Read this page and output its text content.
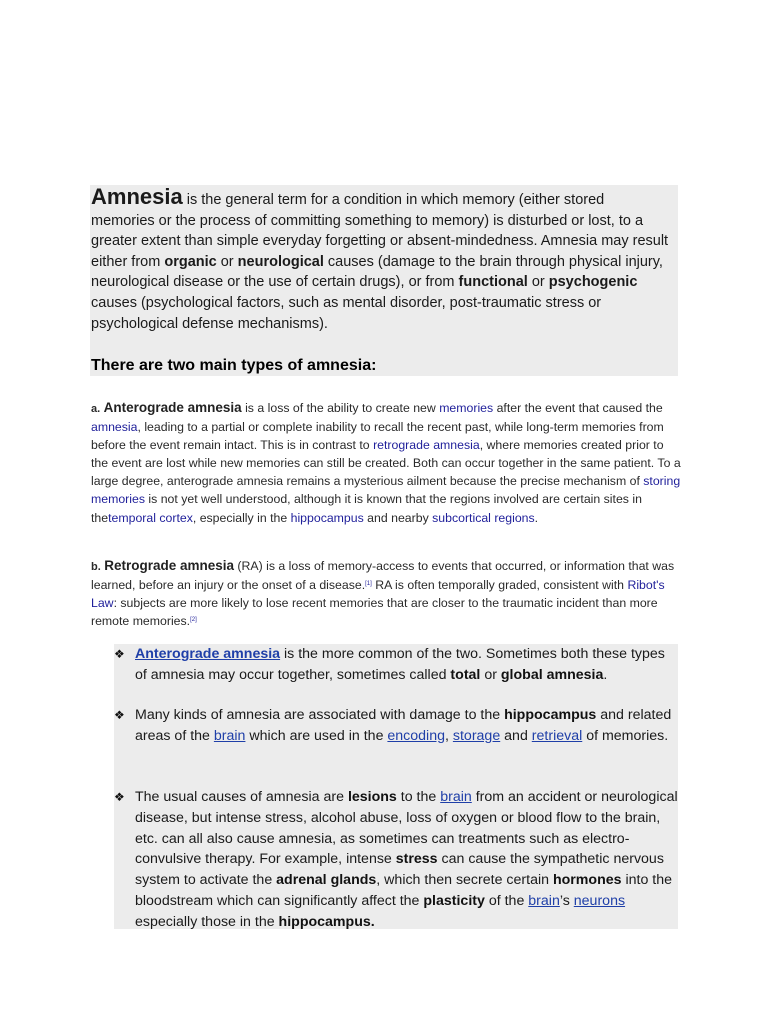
Amnesia is the general term for a condition in which memory (either stored memories or the process of committing something to memory) is disturbed or lost, to a greater extent than simple everyday forgetting or absent-mindedness. Amnesia may result either from organic or neurological causes (damage to the brain through physical injury, neurological disease or the use of certain drugs), or from functional or psychogenic causes (psychological factors, such as mental disorder, post-traumatic stress or psychological defense mechanisms).
There are two main types of amnesia:
a. Anterograde amnesia is a loss of the ability to create new memories after the event that caused the amnesia, leading to a partial or complete inability to recall the recent past, while long-term memories from before the event remain intact. This is in contrast to retrograde amnesia, where memories created prior to the event are lost while new memories can still be created. Both can occur together in the same patient. To a large degree, anterograde amnesia remains a mysterious ailment because the precise mechanism of storing memories is not yet well understood, although it is known that the regions involved are certain sites in thetemporal cortex, especially in the hippocampus and nearby subcortical regions.
b. Retrograde amnesia (RA) is a loss of memory-access to events that occurred, or information that was learned, before an injury or the onset of a disease.[1] RA is often temporally graded, consistent with Ribot's Law: subjects are more likely to lose recent memories that are closer to the traumatic incident than more remote memories.[2]
❖ Anterograde amnesia is the more common of the two. Sometimes both these types of amnesia may occur together, sometimes called total or global amnesia.
❖ Many kinds of amnesia are associated with damage to the hippocampus and related areas of the brain which are used in the encoding, storage and retrieval of memories.
❖ The usual causes of amnesia are lesions to the brain from an accident or neurological disease, but intense stress, alcohol abuse, loss of oxygen or blood flow to the brain, etc. can all also cause amnesia, as sometimes can treatments such as electro-convulsive therapy. For example, intense stress can cause the sympathetic nervous system to activate the adrenal glands, which then secrete certain hormones into the bloodstream which can significantly affect the plasticity of the brain’s neurons especially those in the hippocampus.
